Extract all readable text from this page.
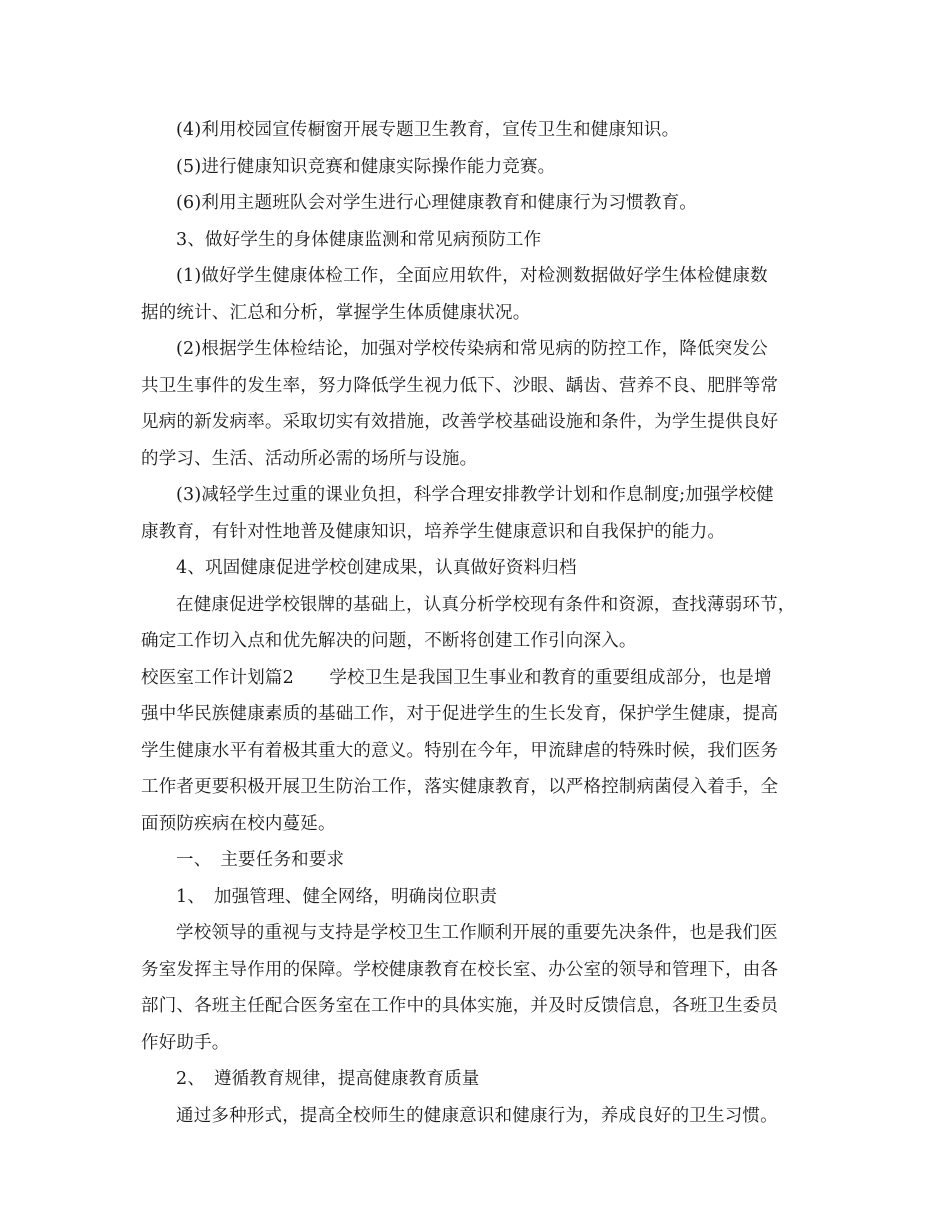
(4)利用校园宣传橱窗开展专题卫生教育，宣传卫生和健康知识。
(5)进行健康知识竞赛和健康实际操作能力竞赛。
(6)利用主题班队会对学生进行心理健康教育和健康行为习惯教育。
3、做好学生的身体健康监测和常见病预防工作
(1)做好学生健康体检工作，全面应用软件，对检测数据做好学生体检健康数
据的统计、汇总和分析，掌握学生体质健康状况。
(2)根据学生体检结论，加强对学校传染病和常见病的防控工作，降低突发公
共卫生事件的发生率，努力降低学生视力低下、沙眼、龋齿、营养不良、肥胖等常
见病的新发病率。采取切实有效措施，改善学校基础设施和条件，为学生提供良好
的学习、生活、活动所必需的场所与设施。
(3)减轻学生过重的课业负担，科学合理安排教学计划和作息制度;加强学校健
康教育，有针对性地普及健康知识，培养学生健康意识和自我保护的能力。
4、巩固健康促进学校创建成果，认真做好资料归档
在健康促进学校银牌的基础上，认真分析学校现有条件和资源，查找薄弱环节，
确定工作切入点和优先解决的问题，不断将创建工作引向深入。
校医室工作计划篇2　　学校卫生是我国卫生事业和教育的重要组成部分，也是增
强中华民族健康素质的基础工作，对于促进学生的生长发育，保护学生健康，提高
学生健康水平有着极其重大的意义。特别在今年，甲流肆虐的特殊时候，我们医务
工作者更要积极开展卫生防治工作，落实健康教育，以严格控制病菌侵入着手，全
面预防疾病在校内蔓延。
一、　主要任务和要求
1、　加强管理、健全网络，明确岗位职责
学校领导的重视与支持是学校卫生工作顺利开展的重要先决条件，也是我们医
务室发挥主导作用的保障。学校健康教育在校长室、办公室的领导和管理下，由各
部门、各班主任配合医务室在工作中的具体实施，并及时反馈信息，各班卫生委员
作好助手。
2、　遵循教育规律，提高健康教育质量
通过多种形式，提高全校师生的健康意识和健康行为，养成良好的卫生习惯。
